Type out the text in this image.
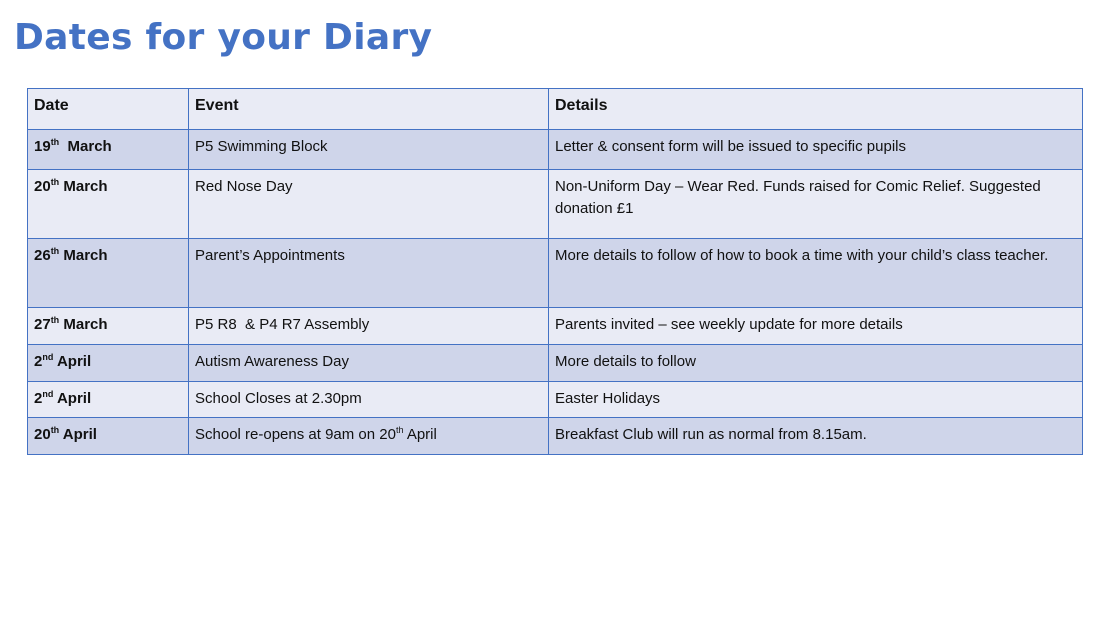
Dates for your Diary
Date	Event	Details
19th  March	P5 Swimming Block	Letter & consent form will be issued to specific pupils
20th March	Red Nose Day	Non-Uniform Day – Wear Red. Funds raised for Comic Relief. Suggested donation £1
26th March	Parent’s Appointments	More details to follow of how to book a time with your child’s class teacher.
27th March	P5 R8  & P4 R7 Assembly	Parents invited – see weekly update for more details
2nd April	Autism Awareness Day	More details to follow
2nd April	School Closes at 2.30pm	Easter Holidays
20th April	School re-opens at 9am on 20th April	Breakfast Club will run as normal from 8.15am.
